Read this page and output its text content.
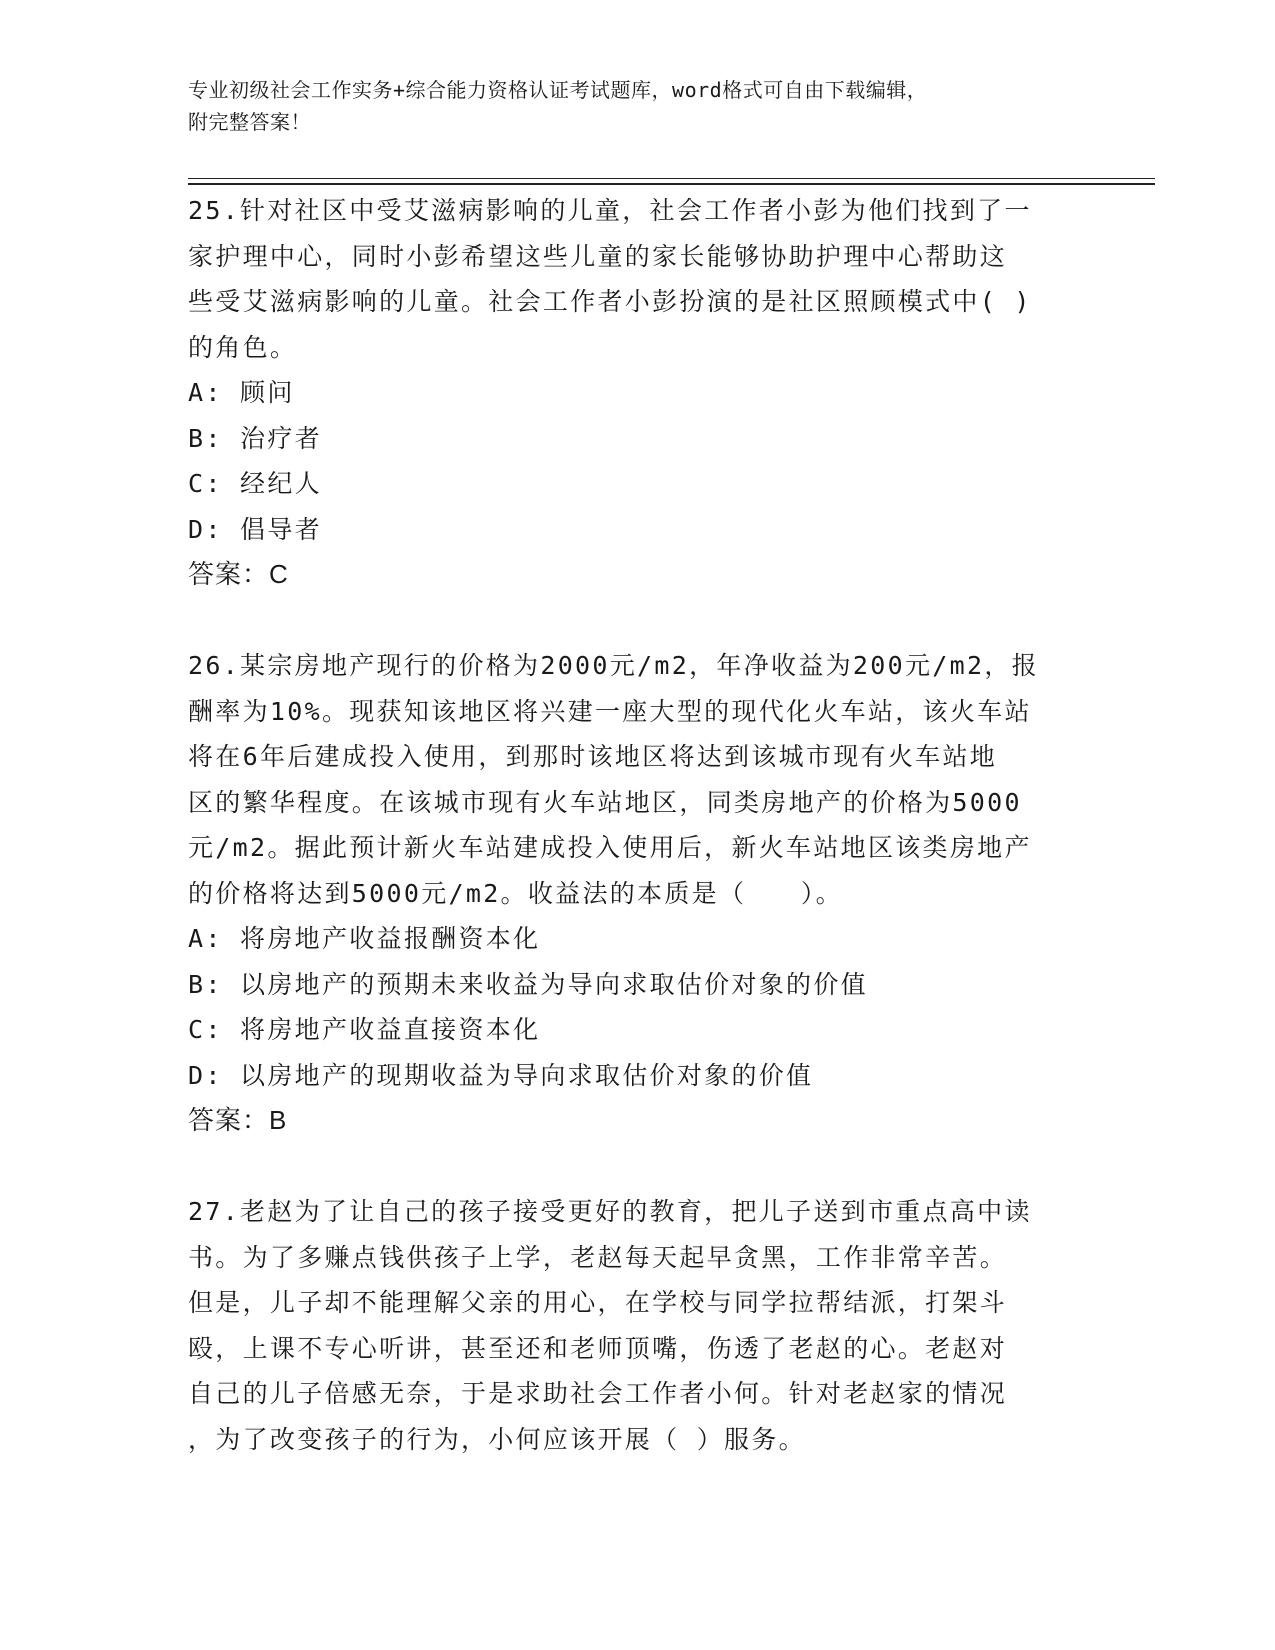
专业初级社会工作实务+综合能力资格认证考试题库，word格式可自由下载编辑，
附完整答案！
25.针对社区中受艾滋病影响的儿童，社会工作者小彭为他们找到了一
家护理中心，同时小彭希望这些儿童的家长能够协助护理中心帮助这
些受艾滋病影响的儿童。社会工作者小彭扮演的是社区照顾模式中( )
的角色。
A: 顾问
B: 治疗者
C: 经纪人
D: 倡导者
答案：C
26.某宗房地产现行的价格为2000元/m2，年净收益为200元/m2，报
酬率为10%。现获知该地区将兴建一座大型的现代化火车站，该火车站
将在6年后建成投入使用，到那时该地区将达到该城市现有火车站地
区的繁华程度。在该城市现有火车站地区，同类房地产的价格为5000
元/m2。据此预计新火车站建成投入使用后，新火车站地区该类房地产
的价格将达到5000元/m2。收益法的本质是（　　）。
A: 将房地产收益报酬资本化
B: 以房地产的预期未来收益为导向求取估价对象的价值
C: 将房地产收益直接资本化
D: 以房地产的现期收益为导向求取估价对象的价值
答案：B
27.老赵为了让自己的孩子接受更好的教育，把儿子送到市重点高中读
书。为了多赚点钱供孩子上学，老赵每天起早贪黑，工作非常辛苦。
但是，儿子却不能理解父亲的用心，在学校与同学拉帮结派，打架斗
殴，上课不专心听讲，甚至还和老师顶嘴，伤透了老赵的心。老赵对
自己的儿子倍感无奈，于是求助社会工作者小何。针对老赵家的情况
，为了改变孩子的行为，小何应该开展（ ）服务。
